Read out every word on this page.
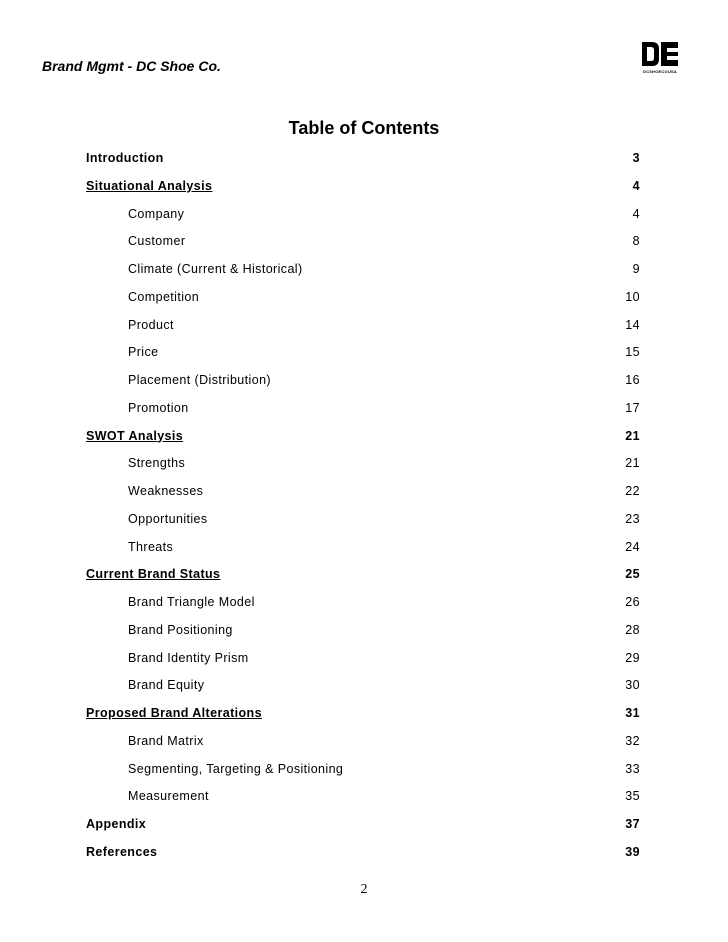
Brand Mgmt - DC Shoe Co.	DCSHOECOUSA
Table of Contents
Introduction	3
Situational Analysis	4
Company	4
Customer	8
Climate (Current & Historical)	9
Competition	10
Product	14
Price	15
Placement (Distribution)	16
Promotion	17
SWOT Analysis	21
Strengths	21
Weaknesses	22
Opportunities	23
Threats	24
Current Brand Status	25
Brand Triangle Model	26
Brand Positioning	28
Brand Identity Prism	29
Brand Equity	30
Proposed Brand Alterations	31
Brand Matrix	32
Segmenting, Targeting & Positioning	33
Measurement	35
Appendix	37
References	39
2
